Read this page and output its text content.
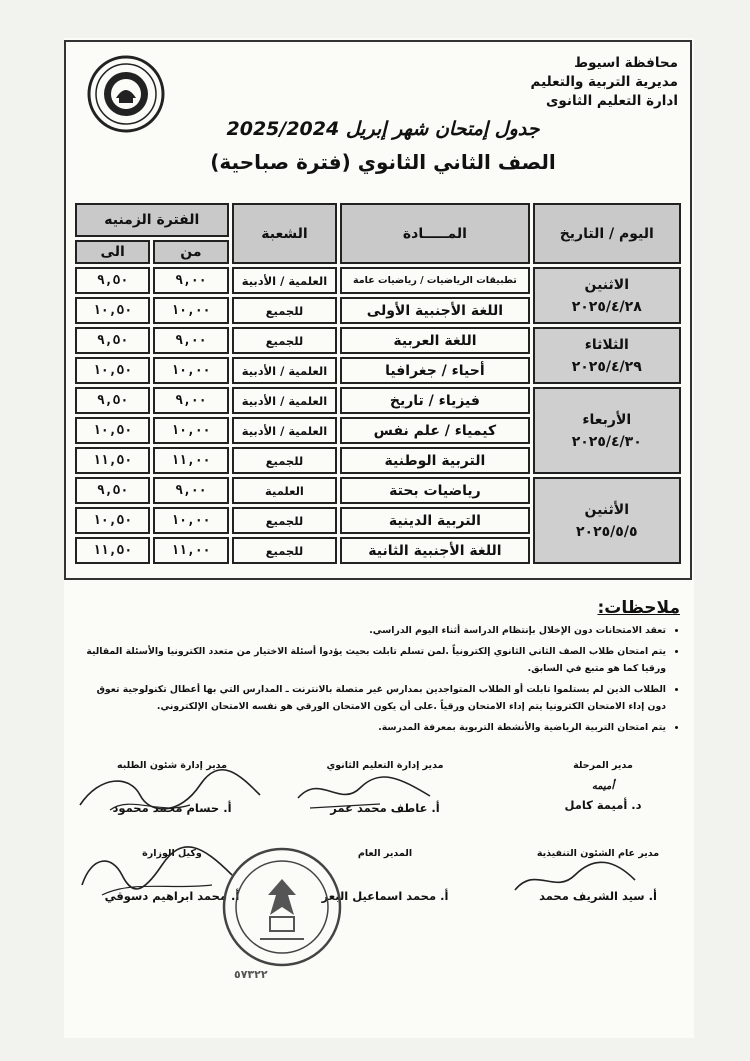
محافظة اسيوط
مديرية التربية والتعليم
ادارة التعليم الثانوى
جدول إمتحان شهر إبريل 2025/2024
الصف الثاني الثانوي (فترة صباحية)
اليوم / التاريخ	المـــــادة	الشعبة	الفترة الزمنيه	
			من	الى

الاثنين
٢٠٢٥/٤/٢٨	تطبيقات الرياضيات / رياضيات عامة	العلمية / الأدبية	٩,٠٠	٩,٥٠
	اللغة الأجنبية الأولى	للجميع	١٠,٠٠	١٠,٥٠

الثلاثاء
٢٠٢٥/٤/٢٩	اللغة العربية	للجميع	٩,٠٠	٩,٥٠
	أحياء / جغرافيا	العلمية / الأدبية	١٠,٠٠	١٠,٥٠

الأربعاء
٢٠٢٥/٤/٣٠	فيزياء / تاريخ	العلمية / الأدبية	٩,٠٠	٩,٥٠
	كيمياء / علم نفس	العلمية / الأدبية	١٠,٠٠	١٠,٥٠
	التربية الوطنية	للجميع	١١,٠٠	١١,٥٠

الأثنين
٢٠٢٥/٥/٥	رياضيات بحتة	العلمية	٩,٠٠	٩,٥٠
	التربية الدينية	للجميع	١٠,٠٠	١٠,٥٠
	اللغة الأجنبية الثانية	للجميع	١١,٠٠	١١,٥٠
ملاحظات:
• تعقد الامتحانات دون الإخلال بإنتظام الدراسة أثناء اليوم الدراسي.
• يتم امتحان طلاب الصف الثاني الثانوي إلكترونياً .لمن تسلم تابلت بحيث يؤدوا أسئلة الاختيار من متعدد الكترونيا والأسئلة المقالية ورقيا كما هو متبع في السابق.
• الطلاب الذين لم يستلموا تابلت أو الطلاب المتواجدين بمدارس غير متصلة بالانترنت ـ المدارس التي بها أعطال تكنولوجية تعوق دون إداء الامتحان الكترونيا يتم إداء الامتحان ورقياً .على أن يكون الامتحان الورقي هو نفسه الامتحان الإلكتروني.
• يتم امتحان التربية الرياضية والأنشطة التربوية بمعرفة المدرسة.
مدير المرحلة
أميمه
د. أميمة كامل
مدير إدارة التعليم الثانوي
أ. عاطف محمد عمر
مدير إدارة شئون الطلبه
أ. حسام محمد محمود
مدير عام الشئون التنفيذية
أ. سيد الشريف محمد
المدير العام
أ. محمد اسماعيل البعر
وكيل الوزارة
أ. محمد ابراهيم دسوقي
٥٧٣٢٢
